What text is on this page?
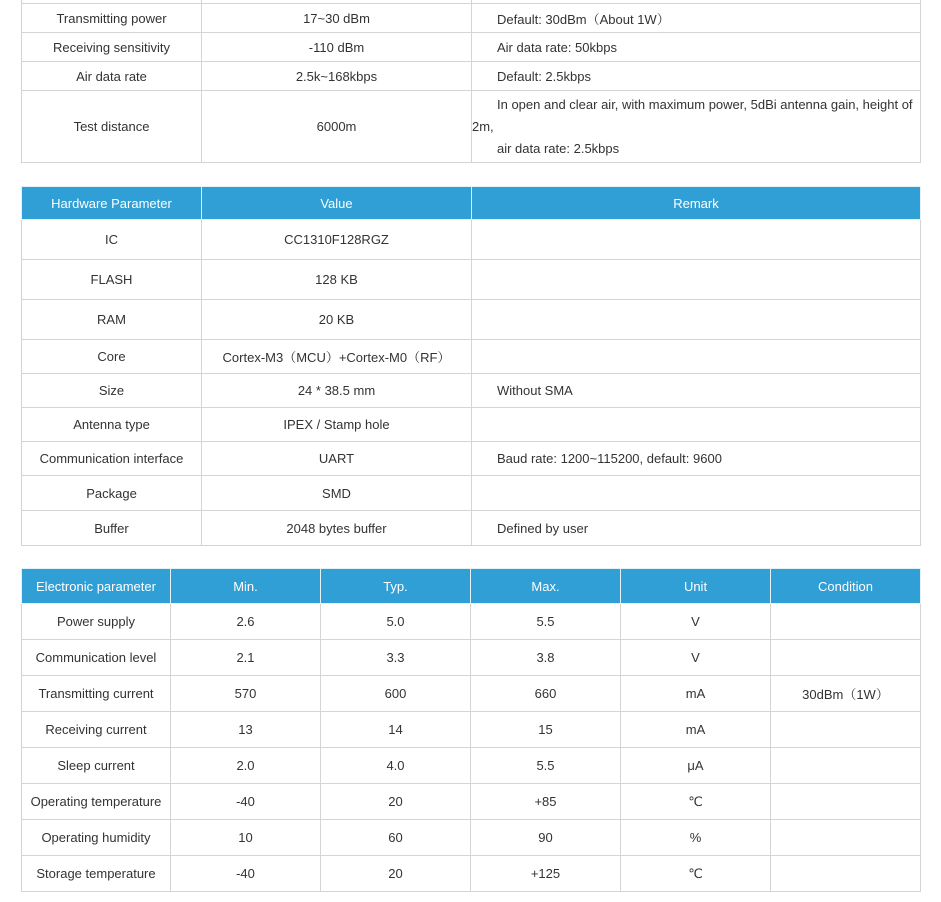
Transmitting power	17~30 dBm	Default: 30dBm（About 1W）
Receiving sensitivity	-110 dBm	Air data rate: 50kbps
Air data rate	2.5k~168kbps	Default: 2.5kbps
Test distance	6000m	In open and clear air, with maximum power, 5dBi antenna gain, height of
2m,
air data rate: 2.5kbps
Hardware Parameter	Value	Remark
IC	CC1310F128RGZ	
FLASH	128 KB	
RAM	20 KB	
Core	Cortex-M3（MCU）+Cortex-M0（RF）	
Size	24 * 38.5 mm	Without SMA
Antenna type	IPEX / Stamp hole	
Communication interface	UART	Baud rate: 1200~115200, default: 9600
Package	SMD	
Buffer	2048 bytes buffer	Defined by user
Electronic parameter	Min.	Typ.	Max.	Unit	Condition
Power supply	2.6	5.0	5.5	V	
Communication level	2.1	3.3	3.8	V	
Transmitting current	570	600	660	mA	30dBm（1W）
Receiving current	13	14	15	mA	
Sleep current	2.0	4.0	5.5	μA	
Operating temperature	-40	20	+85	℃	
Operating humidity	10	60	90	%	
Storage temperature	-40	20	+125	℃	
